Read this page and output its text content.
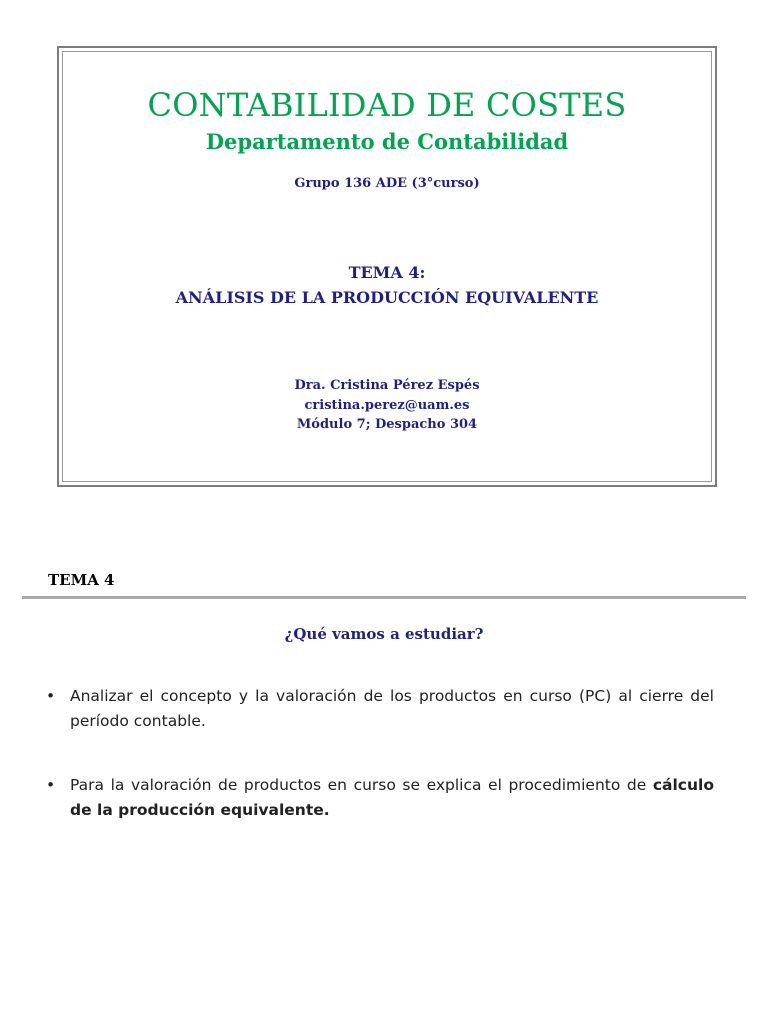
CONTABILIDAD DE COSTES
Departamento de Contabilidad
Grupo 136 ADE (3°curso)
TEMA 4:
ANÁLISIS DE LA PRODUCCIÓN EQUIVALENTE
Dra. Cristina Pérez Espés
cristina.perez@uam.es
Módulo 7; Despacho 304
TEMA 4
¿Qué vamos a estudiar?
• Analizar el concepto y la valoración de los productos en curso (PC) al cierre del período contable.
• Para la valoración de productos en curso se explica el procedimiento de cálculo de la producción equivalente.
